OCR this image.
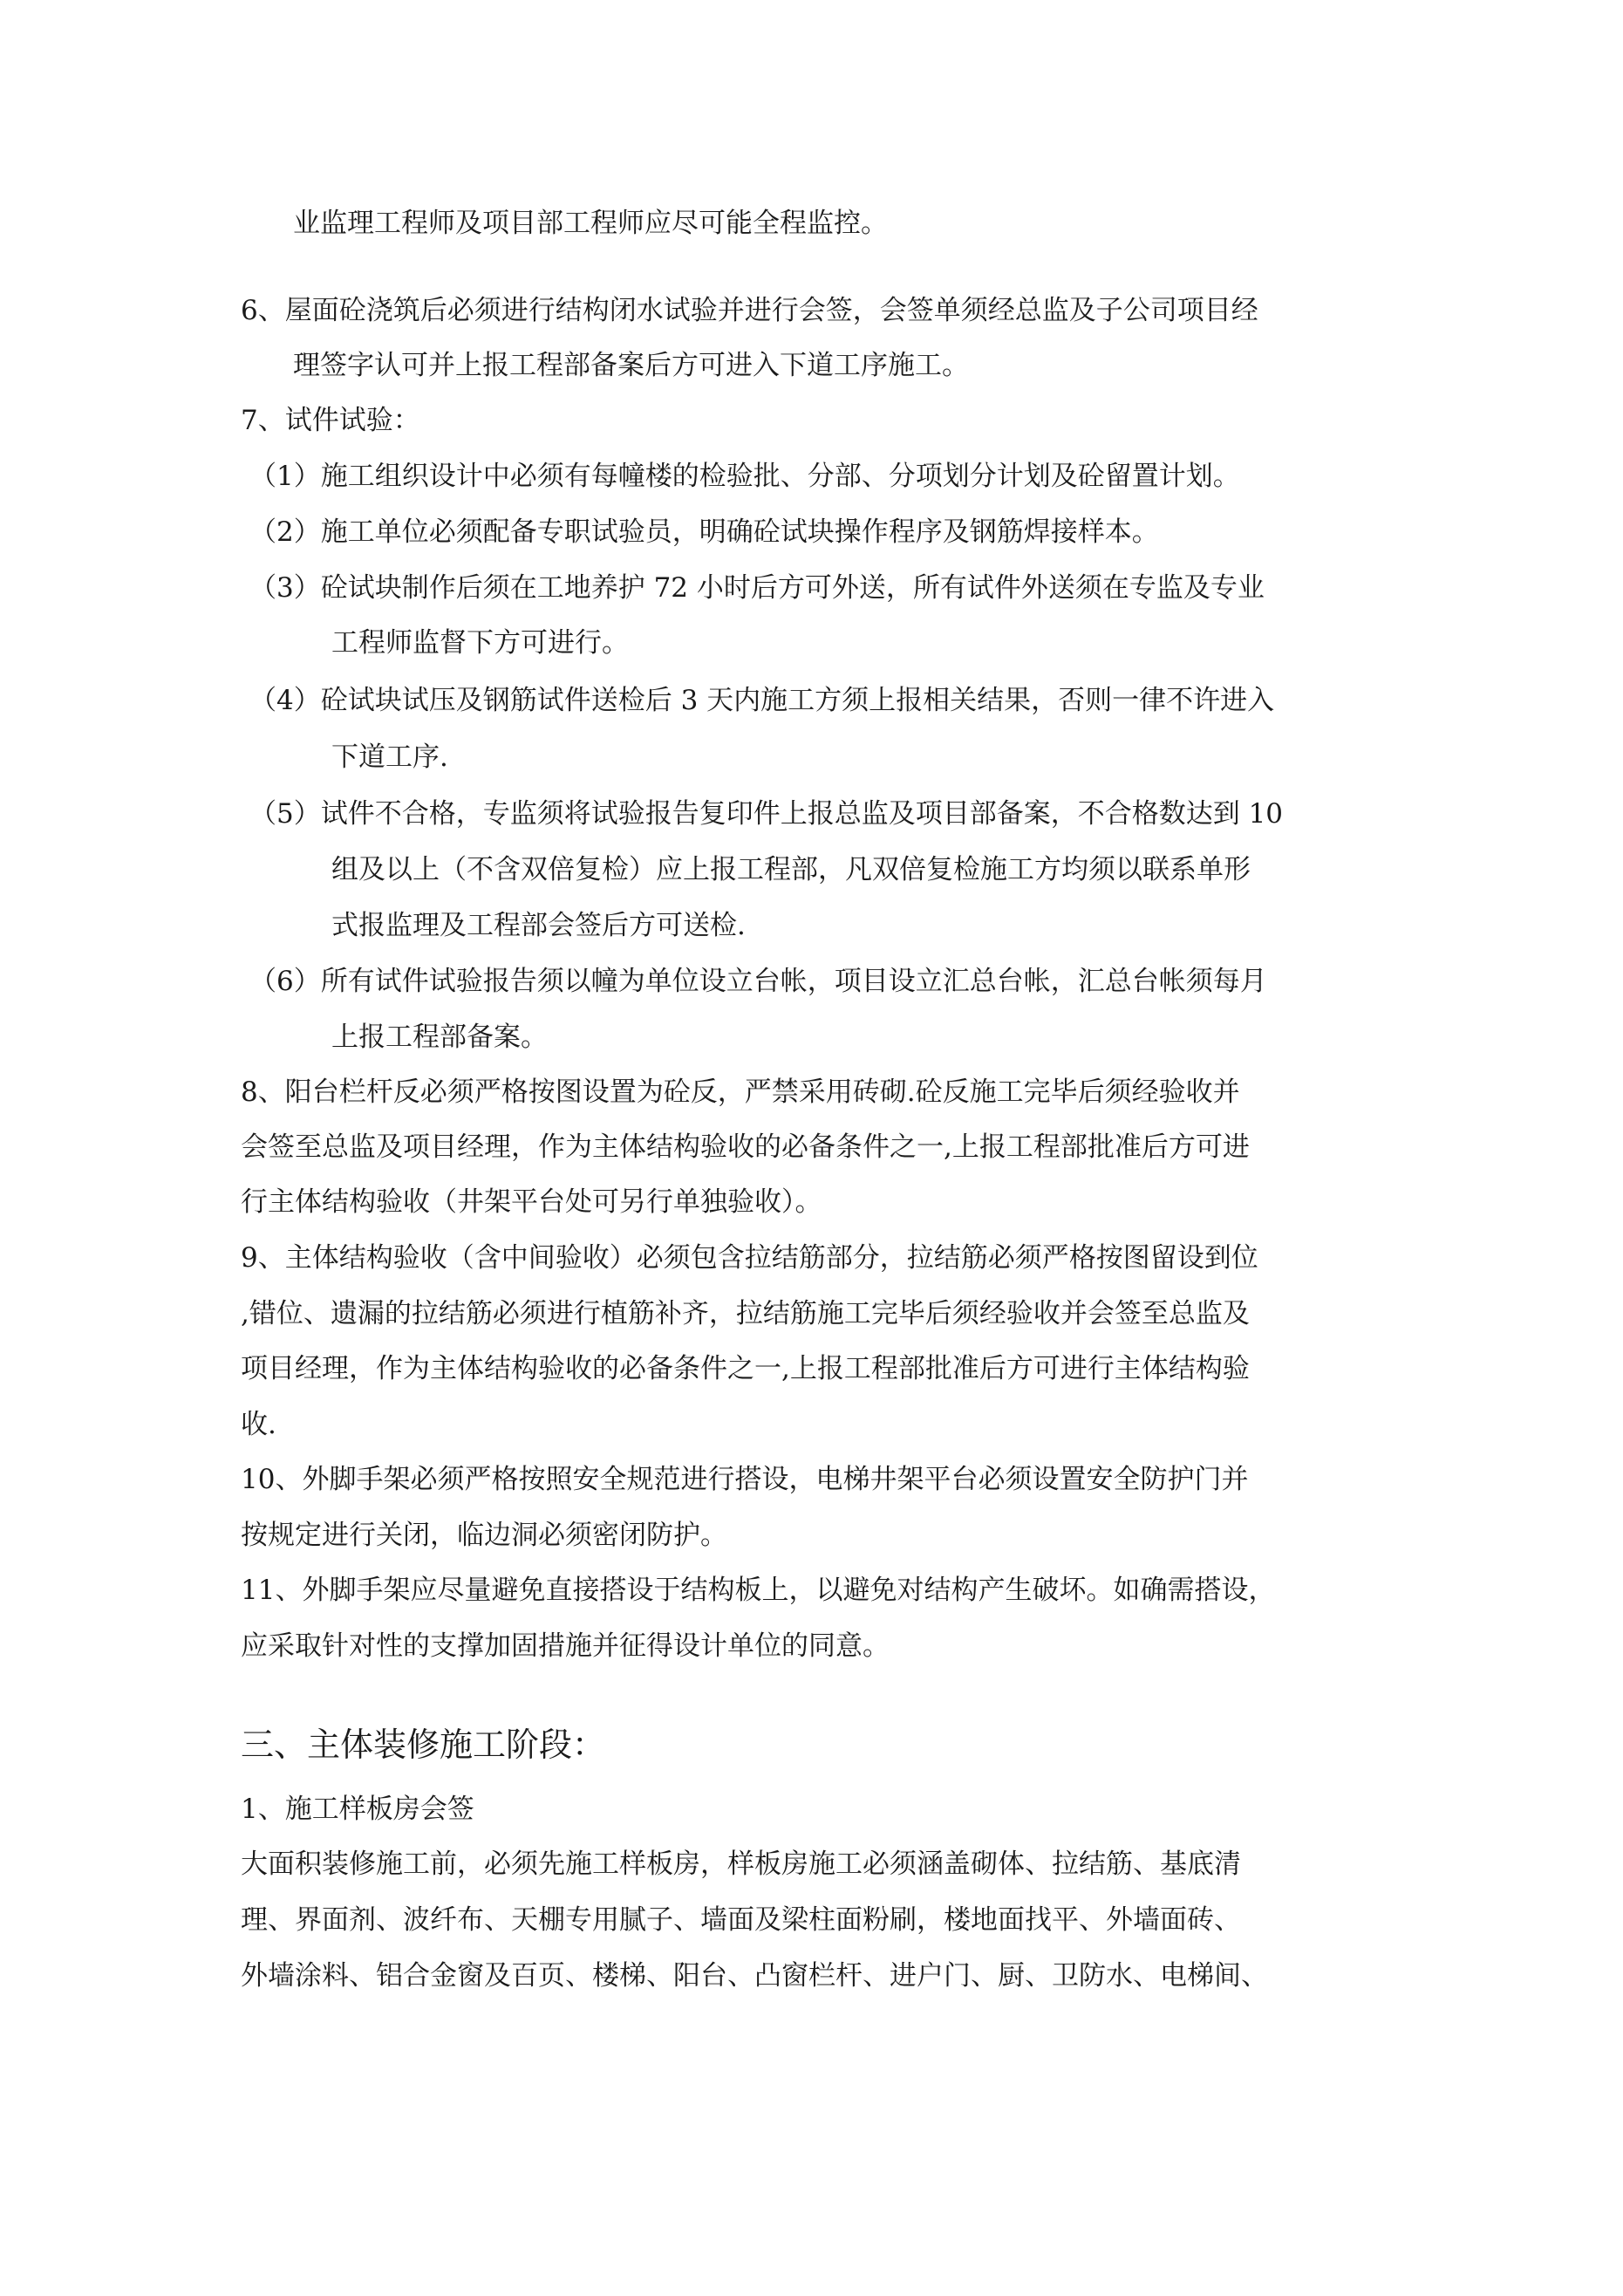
业监理工程师及项目部工程师应尽可能全程监控。
6、屋面砼浇筑后必须进行结构闭水试验并进行会签，会签单须经总监及子公司项目经
理签字认可并上报工程部备案后方可进入下道工序施工。
7、试件试验：
（1）施工组织设计中必须有每幢楼的检验批、分部、分项划分计划及砼留置计划。
（2）施工单位必须配备专职试验员，明确砼试块操作程序及钢筋焊接样本。
（3）砼试块制作后须在工地养护 72 小时后方可外送，所有试件外送须在专监及专业
工程师监督下方可进行。
（4）砼试块试压及钢筋试件送检后 3 天内施工方须上报相关结果，否则一律不许进入
下道工序.
（5）试件不合格，专监须将试验报告复印件上报总监及项目部备案，不合格数达到 10
组及以上（不含双倍复检）应上报工程部，凡双倍复检施工方均须以联系单形
式报监理及工程部会签后方可送检.
（6）所有试件试验报告须以幢为单位设立台帐，项目设立汇总台帐，汇总台帐须每月
上报工程部备案。
8、阳台栏杆反必须严格按图设置为砼反，严禁采用砖砌.砼反施工完毕后须经验收并
会签至总监及项目经理，作为主体结构验收的必备条件之一,上报工程部批准后方可进
行主体结构验收（井架平台处可另行单独验收）。
9、主体结构验收（含中间验收）必须包含拉结筋部分，拉结筋必须严格按图留设到位
,错位、遗漏的拉结筋必须进行植筋补齐，拉结筋施工完毕后须经验收并会签至总监及
项目经理，作为主体结构验收的必备条件之一,上报工程部批准后方可进行主体结构验
收.
10、外脚手架必须严格按照安全规范进行搭设，电梯井架平台必须设置安全防护门并
按规定进行关闭，临边洞必须密闭防护。
11、外脚手架应尽量避免直接搭设于结构板上，以避免对结构产生破坏。如确需搭设，
应采取针对性的支撑加固措施并征得设计单位的同意。
三、主体装修施工阶段：
1、施工样板房会签
大面积装修施工前，必须先施工样板房，样板房施工必须涵盖砌体、拉结筋、基底清
理、界面剂、波纤布、天棚专用腻子、墙面及梁柱面粉刷，楼地面找平、外墙面砖、
外墙涂料、铝合金窗及百页、楼梯、阳台、凸窗栏杆、进户门、厨、卫防水、电梯间、
